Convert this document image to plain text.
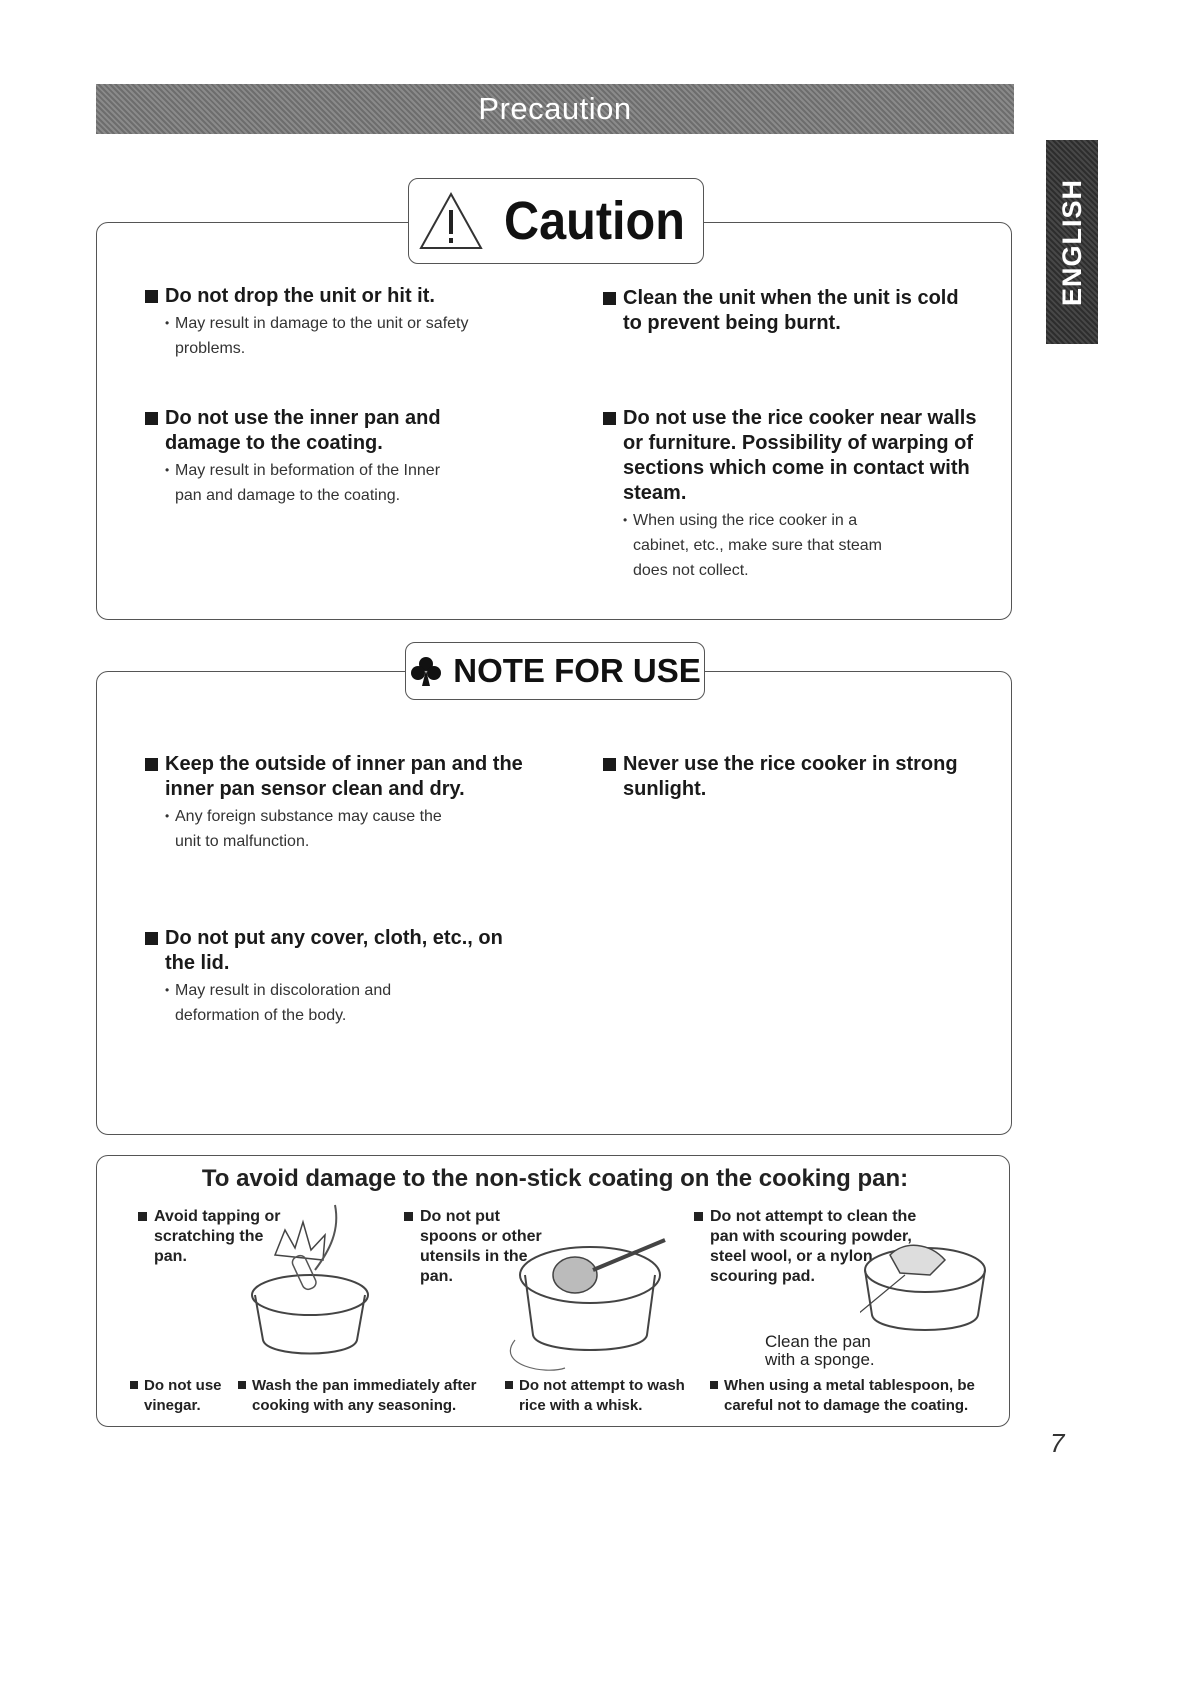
Precaution
ENGLISH
Caution
Do not drop the unit or hit it.
• May result in damage to the unit or safety problems.
Clean the unit when the unit is cold to prevent being burnt.
Do not use the inner pan and damage to the coating.
• May result in beformation of the Inner pan and damage to the coating.
Do not use the rice cooker near walls or furniture. Possibility of warping of sections which come in contact with steam.
• When using the rice cooker in a cabinet, etc., make sure that steam does not collect.
NOTE FOR USE
Keep the outside of inner pan and the inner pan sensor clean and dry.
• Any foreign substance may cause the unit to malfunction.
Never use the rice cooker in strong sunlight.
Do not put any cover, cloth, etc., on the lid.
• May result in discoloration and deformation of the body.
To avoid damage to the non-stick coating on the cooking pan:
Avoid tapping or scratching the pan.
Do not put spoons or other utensils in the pan.
Do not attempt to clean the pan with scouring powder, steel wool, or a nylon scouring pad.
Clean the pan with a sponge.
Do not use vinegar.
Wash the pan immediately after cooking with any seasoning.
Do not attempt to wash rice with a whisk.
When using a metal tablespoon, be careful not to damage the coating.
7
